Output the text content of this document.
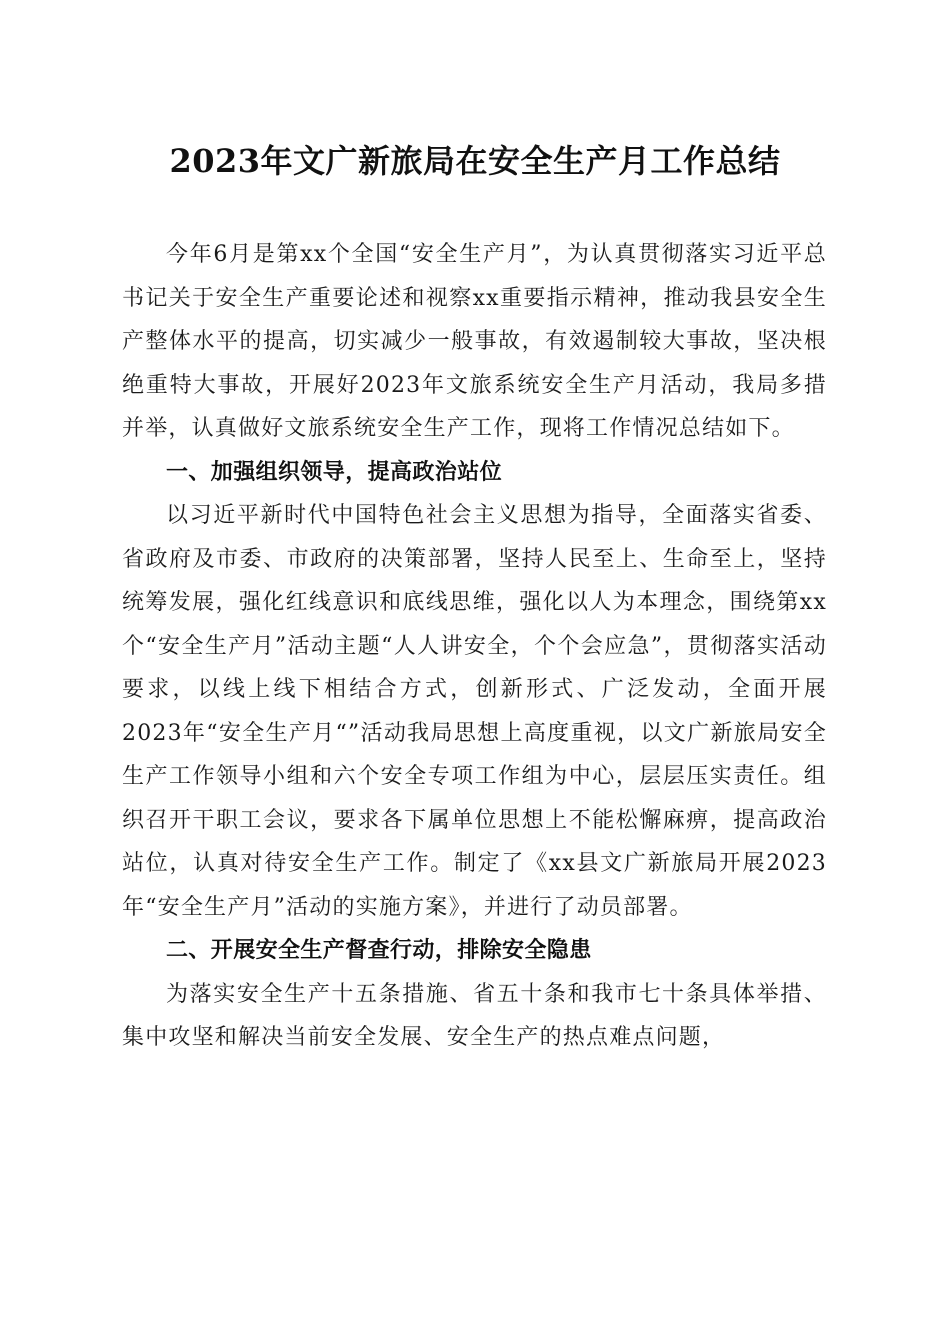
2023年文广新旅局在安全生产月工作总结

今年6月是第xx个全国“安全生产月”，为认真贯彻落实习近平总书记关于安全生产重要论述和视察xx重要指示精神，推动我县安全生产整体水平的提高，切实减少一般事故，有效遏制较大事故，坚决根绝重特大事故，开展好2023年文旅系统安全生产月活动，我局多措并举，认真做好文旅系统安全生产工作，现将工作情况总结如下。

一、加强组织领导，提高政治站位

以习近平新时代中国特色社会主义思想为指导，全面落实省委、省政府及市委、市政府的决策部署，坚持人民至上、生命至上，坚持统筹发展，强化红线意识和底线思维，强化以人为本理念，围绕第xx个“安全生产月”活动主题“人人讲安全，个个会应急”，贯彻落实活动要求，以线上线下相结合方式，创新形式、广泛发动，全面开展2023年“安全生产月“”活动我局思想上高度重视，以文广新旅局安全生产工作领导小组和六个安全专项工作组为中心，层层压实责任。组织召开干职工会议，要求各下属单位思想上不能松懈麻痹，提高政治站位，认真对待安全生产工作。制定了《xx县文广新旅局开展2023年“安全生产月”活动的实施方案》，并进行了动员部署。

二、开展安全生产督查行动，排除安全隐患

为落实安全生产十五条措施、省五十条和我市七十条具体举措、集中攻坚和解决当前安全发展、安全生产的热点难点问题，
